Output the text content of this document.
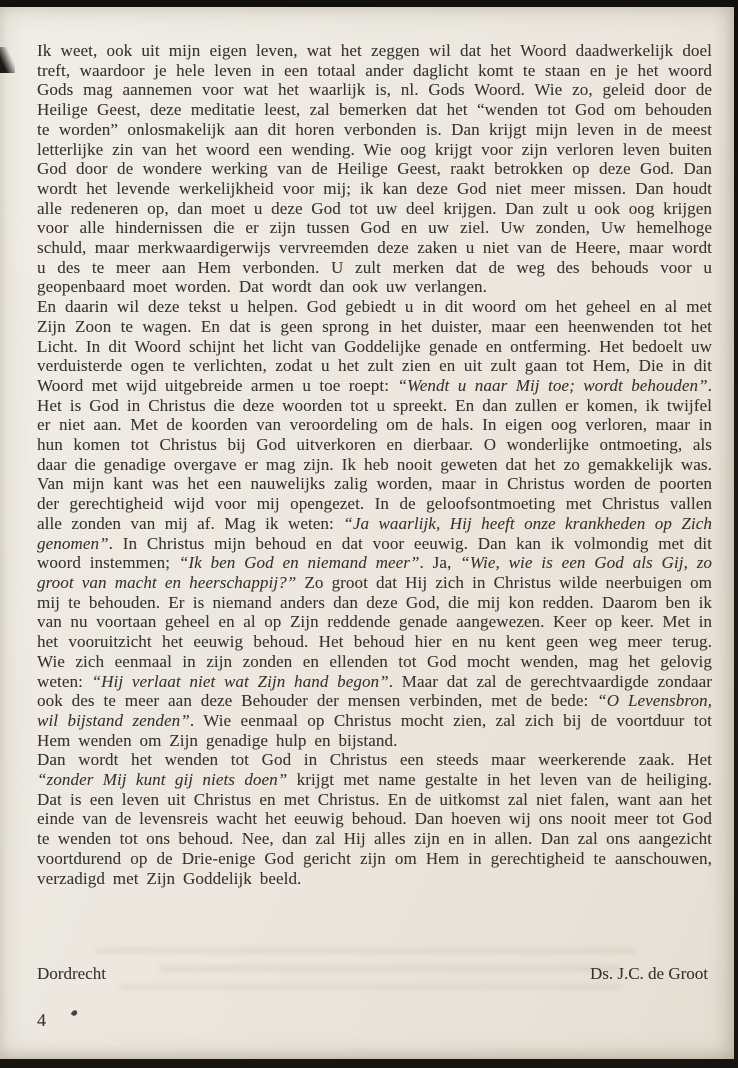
Ik weet, ook uit mijn eigen leven, wat het zeggen wil dat het Woord daadwerkelijk doel treft, waardoor je hele leven in een totaal ander daglicht komt te staan en je het woord Gods mag aannemen voor wat het waarlijk is, nl. Gods Woord. Wie zo, geleid door de Heilige Geest, deze meditatie leest, zal bemerken dat het “wenden tot God om behouden te worden” onlosmakelijk aan dit horen verbonden is. Dan krijgt mijn leven in de meest letterlijke zin van het woord een wending. Wie oog krijgt voor zijn verloren leven buiten God door de wondere werking van de Heilige Geest, raakt betrokken op deze God. Dan wordt het levende werkelijkheid voor mij; ik kan deze God niet meer missen. Dan houdt alle redeneren op, dan moet u deze God tot uw deel krijgen. Dan zult u ook oog krijgen voor alle hindernissen die er zijn tussen God en uw ziel. Uw zonden, Uw hemelhoge schuld, maar merkwaardigerwijs vervreemden deze zaken u niet van de Heere, maar wordt u des te meer aan Hem verbonden. U zult merken dat de weg des behouds voor u geopenbaard moet worden. Dat wordt dan ook uw verlangen.

En daarin wil deze tekst u helpen. God gebiedt u in dit woord om het geheel en al met Zijn Zoon te wagen. En dat is geen sprong in het duister, maar een heenwenden tot het Licht. In dit Woord schijnt het licht van Goddelijke genade en ontferming. Het bedoelt uw verduisterde ogen te verlichten, zodat u het zult zien en uit zult gaan tot Hem, Die in dit Woord met wijd uitgebreide armen u toe roept: “Wendt u naar Mij toe; wordt behouden”. Het is God in Christus die deze woorden tot u spreekt. En dan zullen er komen, ik twijfel er niet aan. Met de koorden van veroordeling om de hals. In eigen oog verloren, maar in hun komen tot Christus bij God uitverkoren en dierbaar. O wonderlijke ontmoeting, als daar die genadige overgave er mag zijn. Ik heb nooit geweten dat het zo gemakkelijk was. Van mijn kant was het een nauwelijks zalig worden, maar in Christus worden de poorten der gerechtigheid wijd voor mij opengezet. In de geloofsontmoeting met Christus vallen alle zonden van mij af. Mag ik weten: “Ja waarlijk, Hij heeft onze krankheden op Zich genomen”. In Christus mijn behoud en dat voor eeuwig. Dan kan ik volmondig met dit woord instemmen; “Ik ben God en niemand meer”. Ja, “Wie, wie is een God als Gij, zo groot van macht en heerschappij?” Zo groot dat Hij zich in Christus wilde neerbuigen om mij te behouden. Er is niemand anders dan deze God, die mij kon redden. Daarom ben ik van nu voortaan geheel en al op Zijn reddende genade aangewezen. Keer op keer. Met in het vooruitzicht het eeuwig behoud. Het behoud hier en nu kent geen weg meer terug. Wie zich eenmaal in zijn zonden en ellenden tot God mocht wenden, mag het gelovig weten: “Hij verlaat niet wat Zijn hand begon”. Maar dat zal de gerechtvaardigde zondaar ook des te meer aan deze Behouder der mensen verbinden, met de bede: “O Levensbron, wil bijstand zenden”. Wie eenmaal op Christus mocht zien, zal zich bij de voortduur tot Hem wenden om Zijn genadige hulp en bijstand.

Dan wordt het wenden tot God in Christus een steeds maar weerkerende zaak. Het “zonder Mij kunt gij niets doen” krijgt met name gestalte in het leven van de heiliging. Dat is een leven uit Christus en met Christus. En de uitkomst zal niet falen, want aan het einde van de levensreis wacht het eeuwig behoud. Dan hoeven wij ons nooit meer tot God te wenden tot ons behoud. Nee, dan zal Hij alles zijn en in allen. Dan zal ons aangezicht voortdurend op de Drie-enige God gericht zijn om Hem in gerechtigheid te aanschouwen, verzadigd met Zijn Goddelijk beeld.

Dordrecht	Ds. J.C. de Groot
4
